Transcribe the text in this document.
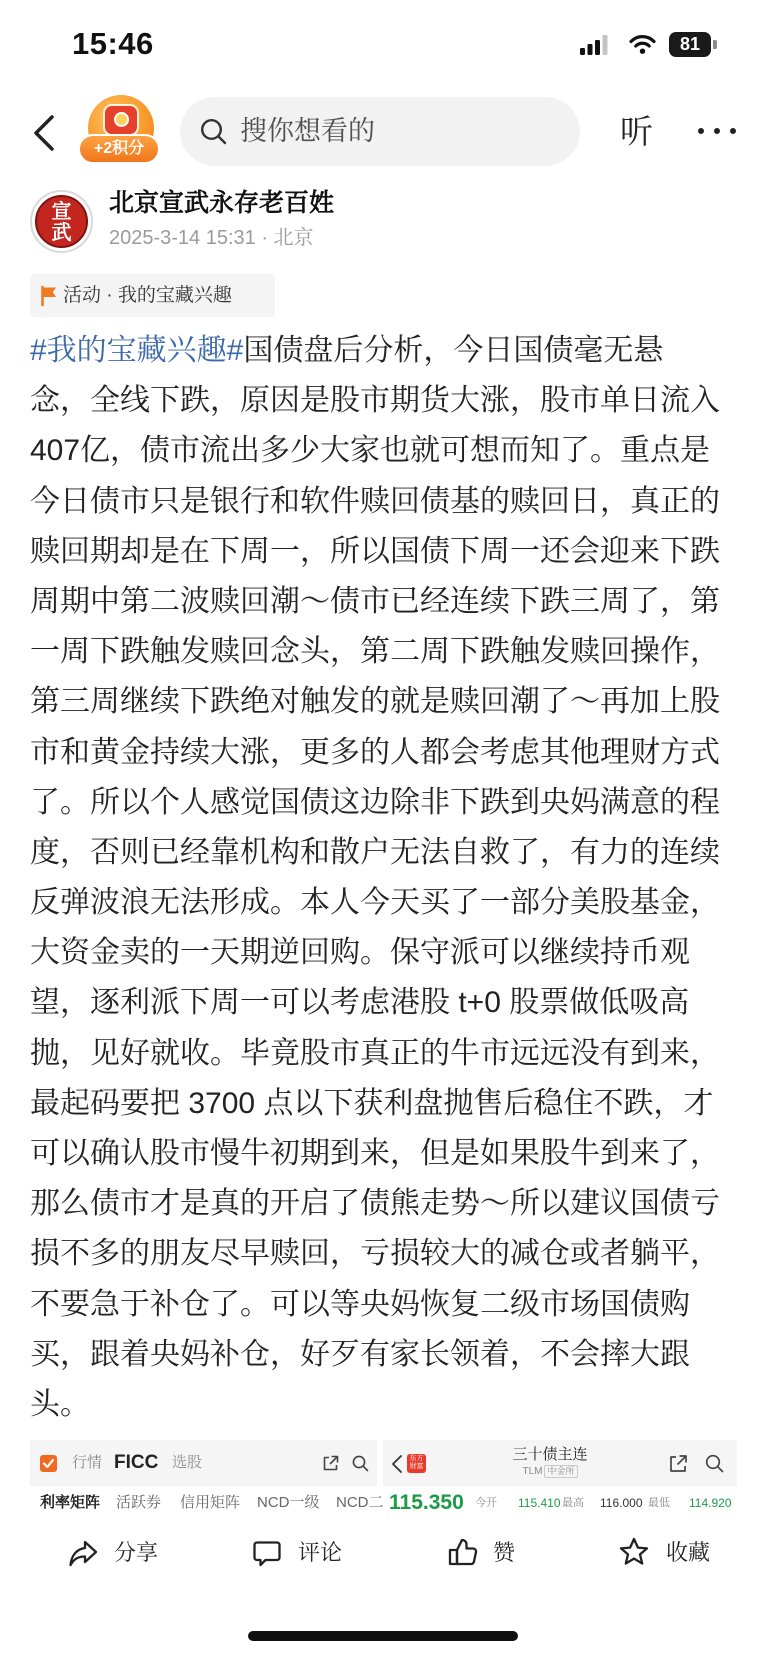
15:46	81
+2积分
搜你想看的	听
宣武
北京宣武永存老百姓
2025-3-14 15:31 · 北京
活动 · 我的宝藏兴趣
#我的宝藏兴趣#国债盘后分析，今日国债毫无悬
念，全线下跌，原因是股市期货大涨，股市单日流入
407亿，债市流出多少大家也就可想而知了。重点是
今日债市只是银行和软件赎回债基的赎回日，真正的
赎回期却是在下周一，所以国债下周一还会迎来下跌
周期中第二波赎回潮～债市已经连续下跌三周了，第
一周下跌触发赎回念头，第二周下跌触发赎回操作，
第三周继续下跌绝对触发的就是赎回潮了～再加上股
市和黄金持续大涨，更多的人都会考虑其他理财方式
了。所以个人感觉国债这边除非下跌到央妈满意的程
度，否则已经靠机构和散户无法自救了，有力的连续
反弹波浪无法形成。本人今天买了一部分美股基金，
大资金卖的一天期逆回购。保守派可以继续持币观
望，逐利派下周一可以考虑港股 t+0 股票做低吸高
抛，见好就收。毕竟股市真正的牛市远远没有到来，
最起码要把 3700 点以下获利盘抛售后稳住不跌，才
可以确认股市慢牛初期到来，但是如果股牛到来了，
那么债市才是真的开启了债熊走势～所以建议国债亏
损不多的朋友尽早赎回，亏损较大的减仓或者躺平，
不要急于补仓了。可以等央妈恢复二级市场国债购
买，跟着央妈补仓，好歹有家长领着，不会摔大跟
头。
行情 FICC 选股
利率矩阵 活跃券 信用矩阵 NCD一级 NCD二
东方财富
三十债主连
TLM 中金所
115.350 今开 115.410 最高 116.000 最低 114.920
分享	评论	赞	收藏
